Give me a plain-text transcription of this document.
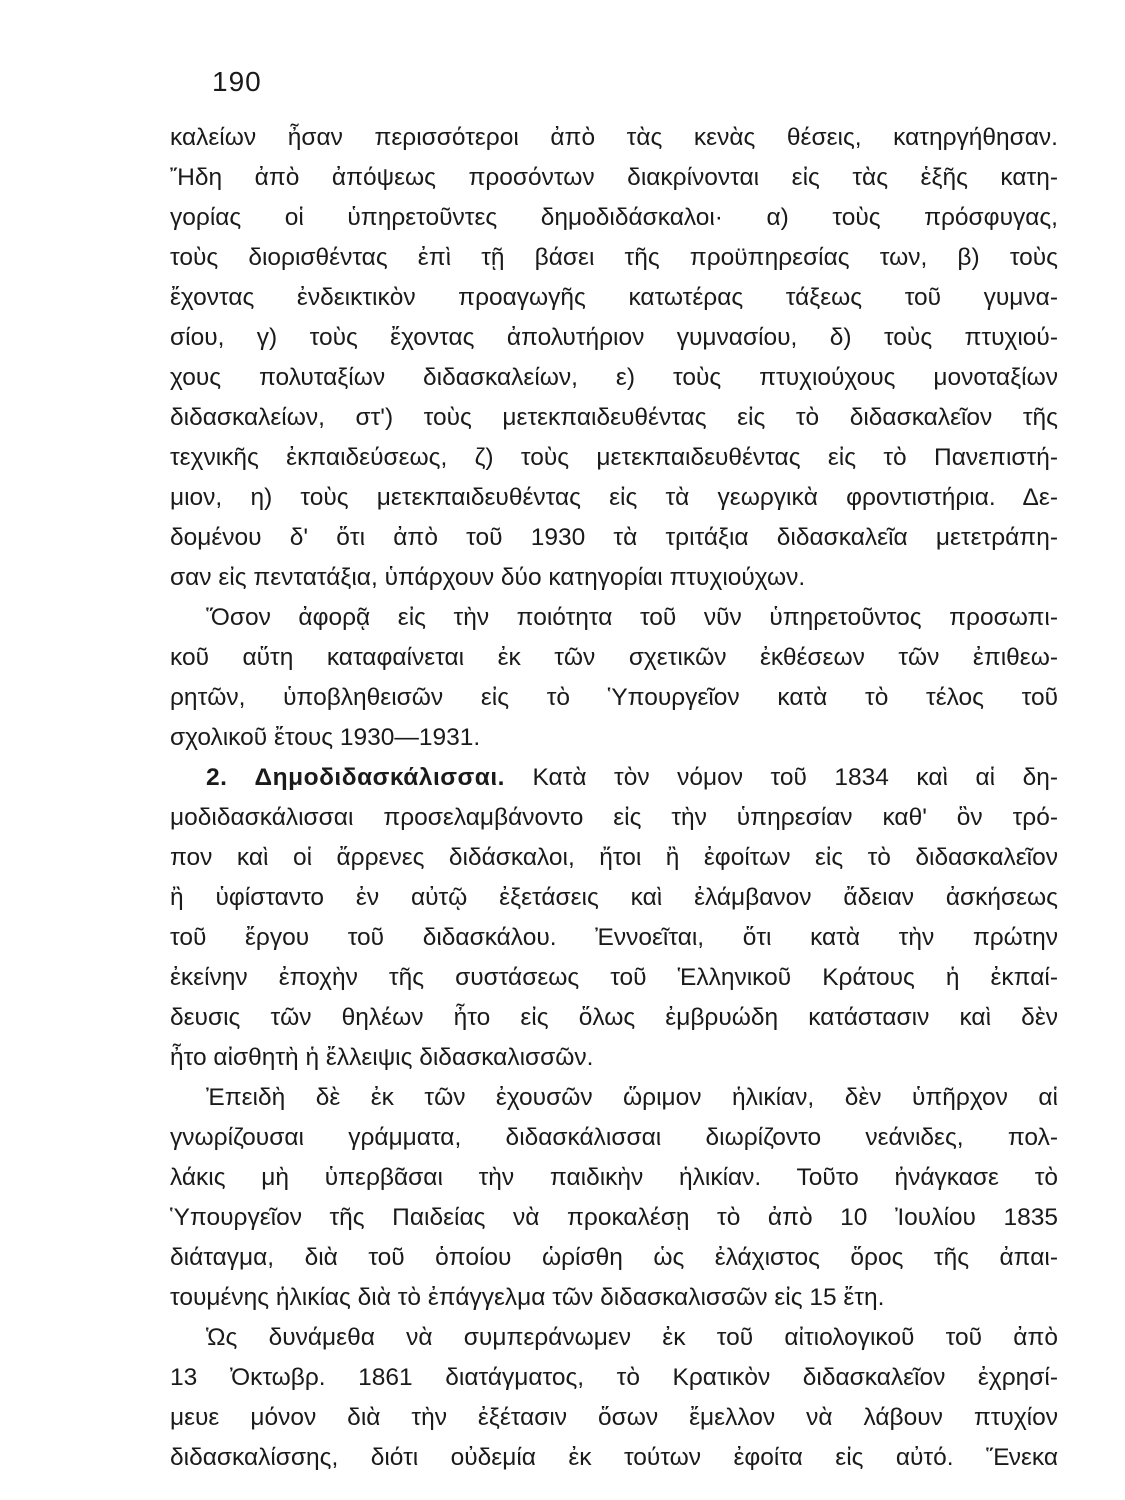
190
καλείων ἦσαν περισσότεροι ἀπὸ τὰς κενὰς θέσεις, κατηργήθησαν.
Ἤδη ἀπὸ ἀπόψεως προσόντων διακρίνονται εἰς τὰς ἑξῆς κατη-
γορίας οἱ ὑπηρετοῦντες δημοδιδάσκαλοι· α) τοὺς πρόσφυγας,
τοὺς διορισθέντας ἐπὶ τῇ βάσει τῆς προϋπηρεσίας των, β) τοὺς
ἔχοντας ἐνδεικτικὸν προαγωγῆς κατωτέρας τάξεως τοῦ γυμνα-
σίου, γ) τοὺς ἔχοντας ἀπολυτήριον γυμνασίου, δ) τοὺς πτυχιού-
χους πολυταξίων διδασκαλείων, ε) τοὺς πτυχιούχους μονοταξίων
διδασκαλείων, στ') τοὺς μετεκπαιδευθέντας εἰς τὸ διδασκαλεῖον τῆς
τεχνικῆς ἐκπαιδεύσεως, ζ) τοὺς μετεκπαιδευθέντας εἰς τὸ Πανεπιστή-
μιον, η) τοὺς μετεκπαιδευθέντας εἰς τὰ γεωργικὰ φροντιστήρια. Δε-
δομένου δ' ὅτι ἀπὸ τοῦ 1930 τὰ τριτάξια διδασκαλεῖα μετετράπη-
σαν εἰς πεντατάξια, ὑπάρχουν δύο κατηγορίαι πτυχιούχων.
Ὅσον ἀφορᾷ εἰς τὴν ποιότητα τοῦ νῦν ὑπηρετοῦντος προσωπι-
κοῦ αὕτη καταφαίνεται ἐκ τῶν σχετικῶν ἐκθέσεων τῶν ἐπιθεω-
ρητῶν, ὑποβληθεισῶν εἰς τὸ Ὑπουργεῖον κατὰ τὸ τέλος τοῦ
σχολικοῦ ἔτους 1930—1931.
2. Δημοδιδασκάλισσαι. Κατὰ τὸν νόμον τοῦ 1834 καὶ αἱ δη-
μοδιδασκάλισσαι προσελαμβάνοντο εἰς τὴν ὑπηρεσίαν καθ' ὃν τρό-
πον καὶ οἱ ἄρρενες διδάσκαλοι, ἤτοι ἢ ἐφοίτων εἰς τὸ διδασκαλεῖον
ἢ ὑφίσταντο ἐν αὐτῷ ἐξετάσεις καὶ ἐλάμβανον ἄδειαν ἀσκήσεως
τοῦ ἔργου τοῦ διδασκάλου. Ἐννοεῖται, ὅτι κατὰ τὴν πρώτην
ἐκείνην ἐποχὴν τῆς συστάσεως τοῦ Ἑλληνικοῦ Κράτους ἡ ἐκπαί-
δευσις τῶν θηλέων ἦτο εἰς ὅλως ἐμβρυώδη κατάστασιν καὶ δὲν
ἦτο αἰσθητὴ ἡ ἔλλειψις διδασκαλισσῶν.
Ἐπειδὴ δὲ ἐκ τῶν ἐχουσῶν ὥριμον ἡλικίαν, δὲν ὑπῆρχον αἱ
γνωρίζουσαι γράμματα, διδασκάλισσαι διωρίζοντο νεάνιδες, πολ-
λάκις μὴ ὑπερβᾶσαι τὴν παιδικὴν ἡλικίαν. Τοῦτο ἠνάγκασε τὸ
Ὑπουργεῖον τῆς Παιδείας νὰ προκαλέσῃ τὸ ἀπὸ 10 Ἰουλίου 1835
διάταγμα, διὰ τοῦ ὁποίου ὡρίσθη ὡς ἐλάχιστος ὅρος τῆς ἀπαι-
τουμένης ἡλικίας διὰ τὸ ἐπάγγελμα τῶν διδασκαλισσῶν εἰς 15 ἔτη.
Ὡς δυνάμεθα νὰ συμπεράνωμεν ἐκ τοῦ αἰτιολογικοῦ τοῦ ἀπὸ
13 Ὀκτωβρ. 1861 διατάγματος, τὸ Κρατικὸν διδασκαλεῖον ἐχρησί-
μευε μόνον διὰ τὴν ἐξέτασιν ὅσων ἔμελλον νὰ λάβουν πτυχίον
διδασκαλίσσης, διότι οὐδεμία ἐκ τούτων ἐφοίτα εἰς αὐτό. Ἕνεκα
